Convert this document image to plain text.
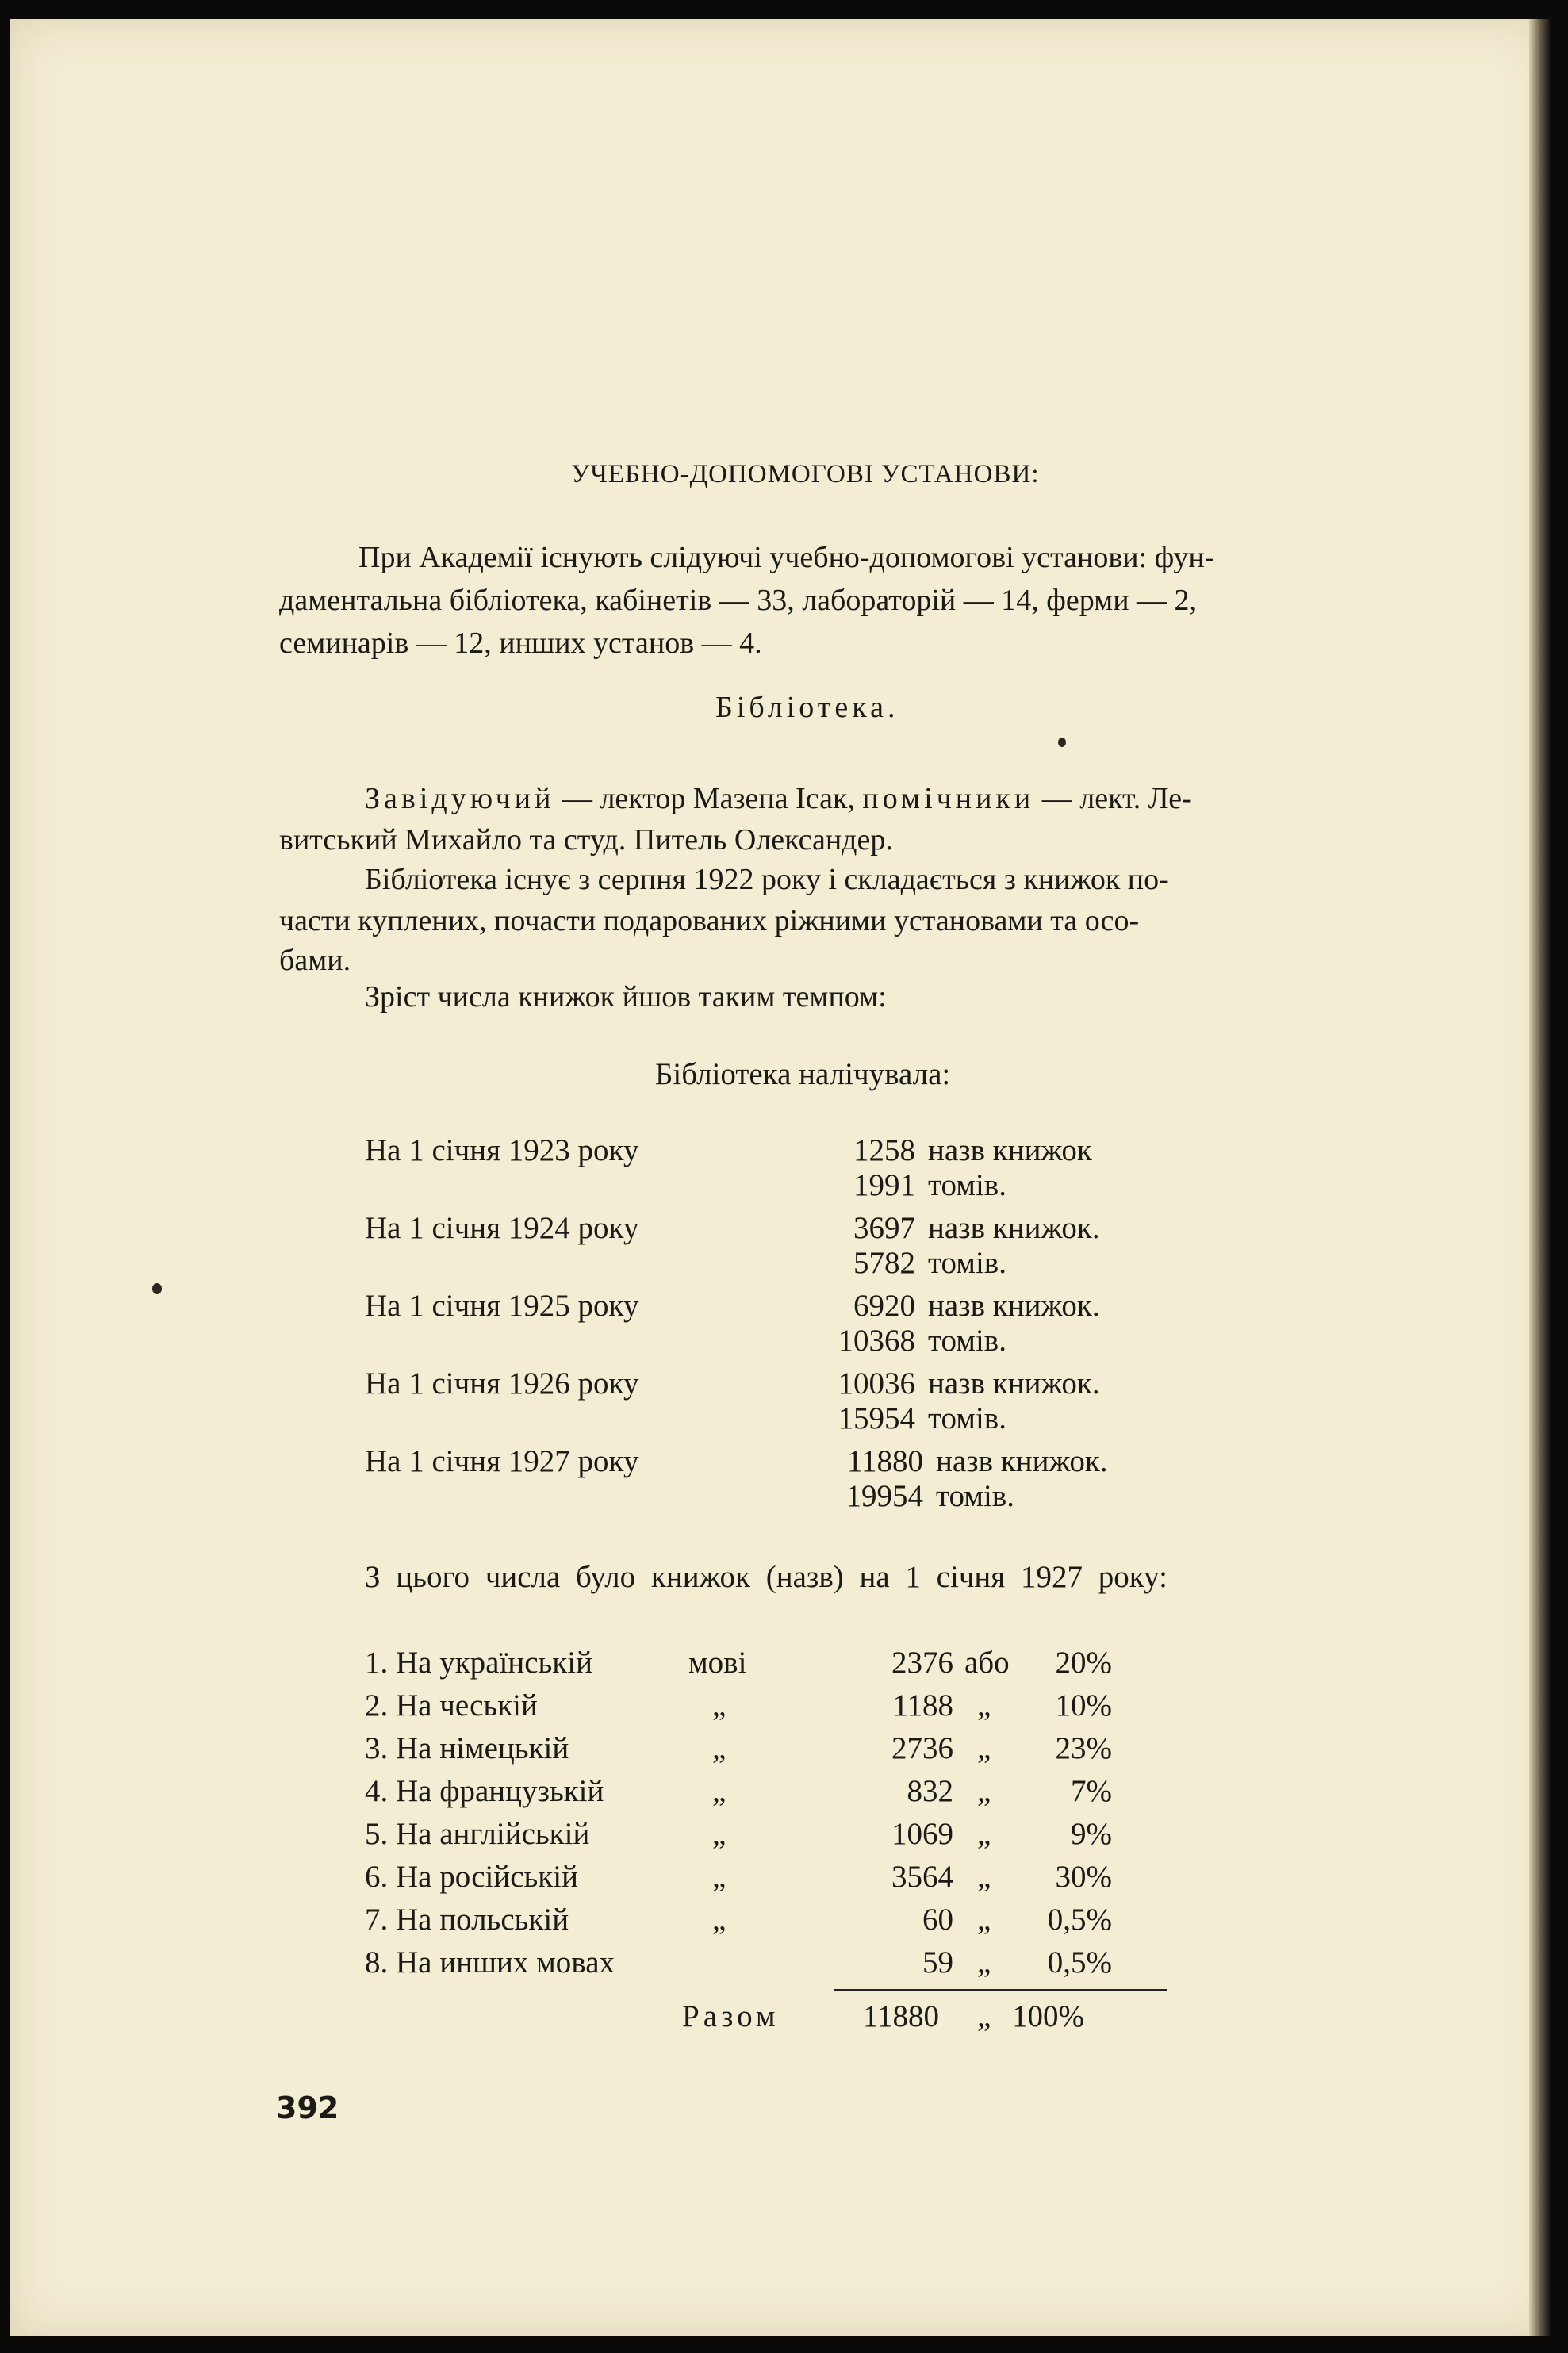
УЧЕБНО-ДОПОМОГОВІ УСТАНОВИ:
При Академії існують слідуючі учебно-допомогові установи: фун-
даментальна бібліотека, кабінетів — 33, лабораторій — 14, ферми — 2,
семинарів — 12, инших установ — 4.
Бібліотека.
Завідуючий — лектор Мазепа Ісак, помічники — лект. Ле-
витський Михайло та студ. Питель Олександер.
Бібліотека існує з серпня 1922 року і складається з книжок по-
части куплених, почасти подарованих ріжними установами та осо-
бами.
Зріст числа книжок йшов таким темпом:
Бібліотека налічувала:
На 1 січня 1923 року	1258 назв книжок
1991 томів.
На 1 січня 1924 року	3697 назв книжок.
5782 томів.
На 1 січня 1925 року	6920 назв книжок.
10368 томів.
На 1 січня 1926 року	10036 назв книжок.
15954 томів.
На 1 січня 1927 року	11880 назв книжок.
19954 томів.
З цього числа було книжок (назв) на 1 січня 1927 року:
1. На українській	мові	2376 або	20%
2. На чеській	„	1188 „	10%
3. На німецькій	„	2736 „	23%
4. На французькій	„	832 „	7%
5. На англійській	„	1069 „	9%
6. На російській	„	3564 „	30%
7. На польській	„	60 „	0,5%
8. На инших мовах	59 „	0,5%
Разом	11880 „ 100%
392
